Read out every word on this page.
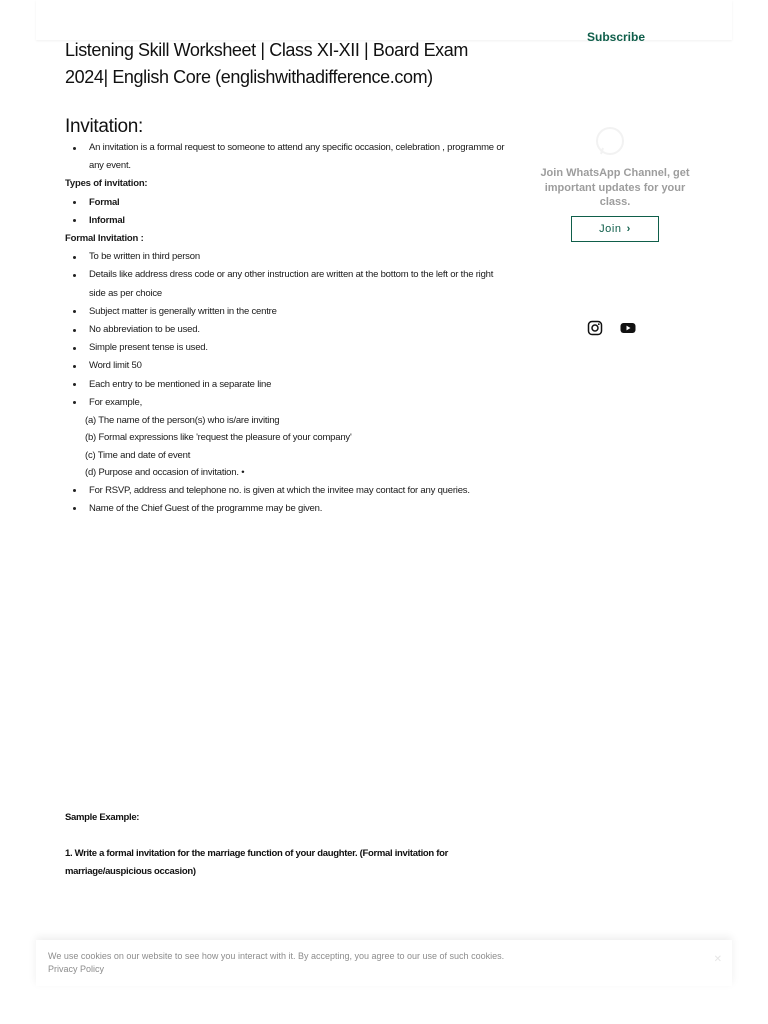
Subscribe
Listening Skill Worksheet | Class XI-XII | Board Exam 2024| English Core (englishwithadifference.com)
Invitation:
An invitation is a formal request to someone to attend any specific occasion, celebration , programme or any event.
Types of invitation:
Formal
Informal
Formal Invitation :
To be written in third person
Details like address dress code or any other instruction are written at the bottom to the left or the right side as per choice
Subject matter is generally written in the centre
No abbreviation to be used.
Simple present tense is used.
Word limit 50
Each entry to be mentioned in a separate line
For example,
(a) The name of the person(s) who is/are inviting
(b) Formal expressions like 'request the pleasure of your company'
(c) Time and date of event
(d) Purpose and occasion of invitation. •
For RSVP, address and telephone no. is given at which the invitee may contact for any queries.
Name of the Chief Guest of the programme may be given.
Sample Example:
1. Write a formal invitation for the marriage function of your daughter. (Formal invitation for marriage/auspicious occasion)
Join WhatsApp Channel, get important updates for your class.
Join ›
We use cookies on our website to see how you interact with it. By accepting, you agree to our use of such cookies. Privacy Policy
✕
